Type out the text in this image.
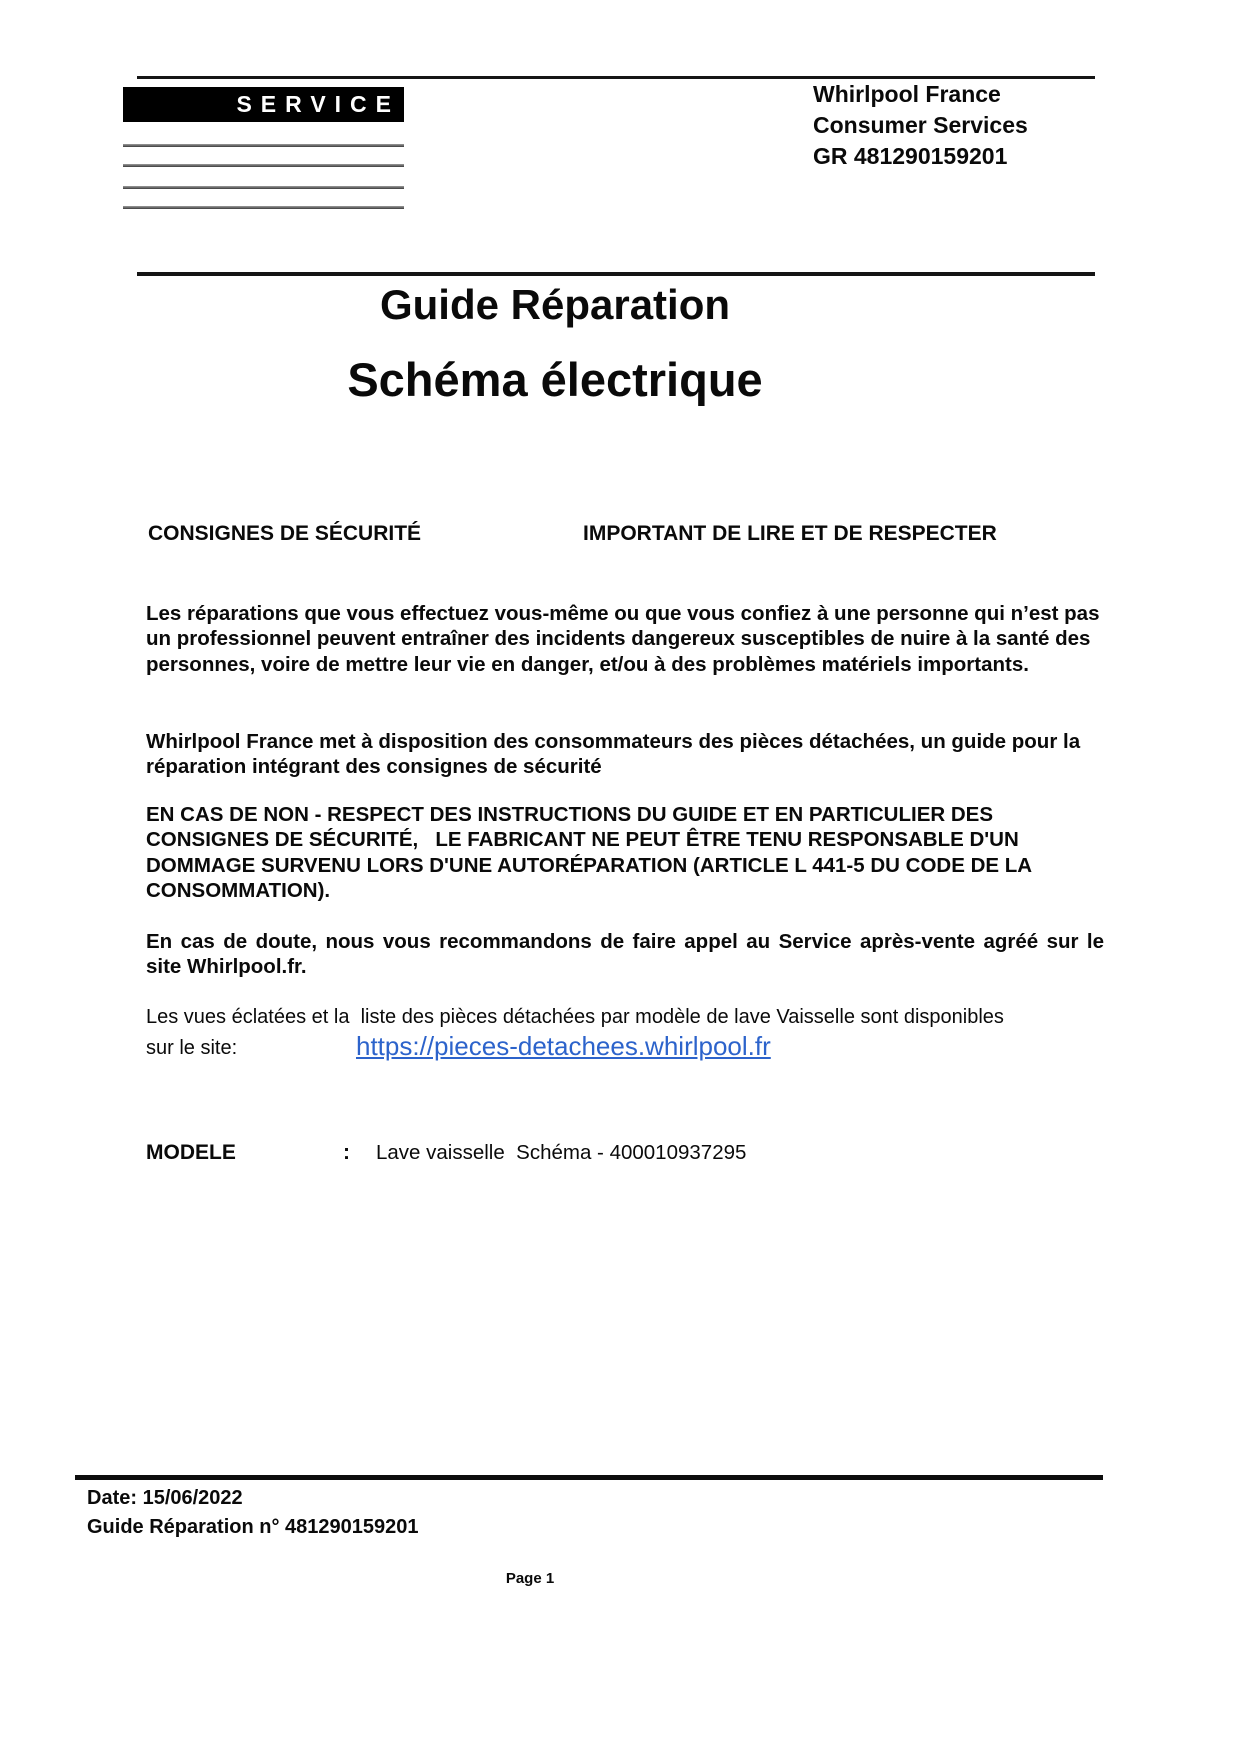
SERVICE	Whirlpool France
Consumer Services
GR 481290159201
Guide Réparation
Schéma électrique
CONSIGNES DE SÉCURITÉ	IMPORTANT DE LIRE ET DE RESPECTER
Les réparations que vous effectuez vous-même ou que vous confiez à une personne qui n’est pas un professionnel peuvent entraîner des incidents dangereux susceptibles de nuire à la santé des personnes, voire de mettre leur vie en danger, et/ou à des problèmes matériels importants.
Whirlpool France met à disposition des consommateurs des pièces détachées, un guide pour la réparation intégrant des consignes de sécurité
EN CAS DE NON - RESPECT DES INSTRUCTIONS DU GUIDE ET EN PARTICULIER DES CONSIGNES DE SÉCURITÉ,   LE FABRICANT NE PEUT ÊTRE TENU RESPONSABLE D'UN DOMMAGE SURVENU LORS D'UNE AUTORÉPARATION (ARTICLE L 441-5 DU CODE DE LA CONSOMMATION).
En cas de doute, nous vous recommandons de faire appel au Service après-vente agréé sur le site Whirlpool.fr.
Les vues éclatées et la  liste des pièces détachées par modèle de lave Vaisselle sont disponibles
sur le site:	https://pieces-detachees.whirlpool.fr
MODELE	: Lave vaisselle  Schéma - 400010937295
Date: 15/06/2022
Guide Réparation n° 481290159201
Page 1
